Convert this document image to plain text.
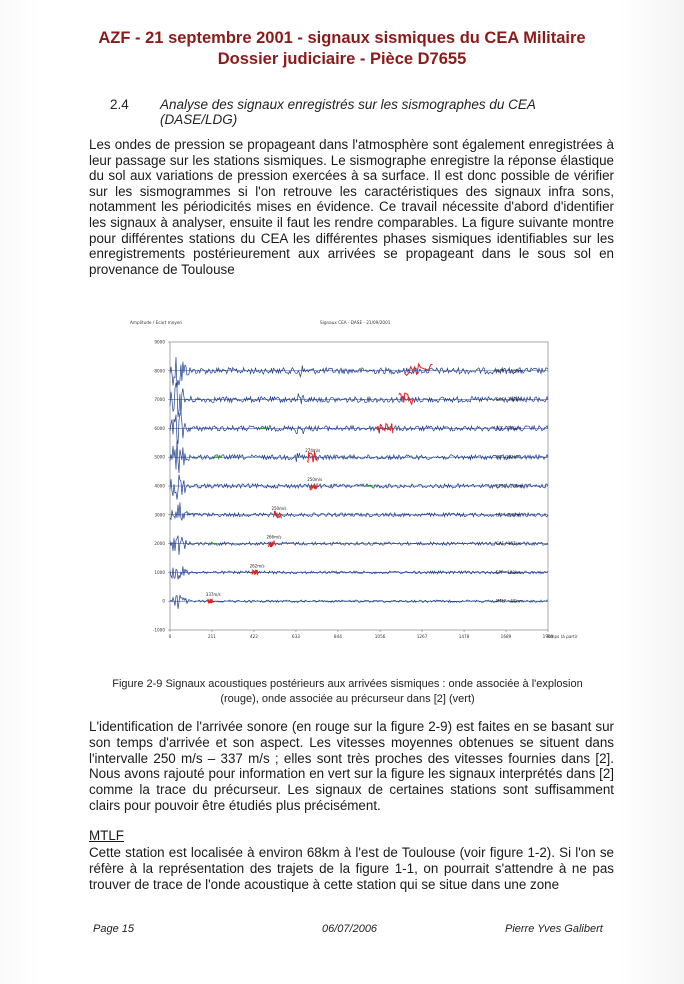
AZF - 21 septembre 2001 - signaux sismiques du CEA Militaire
Dossier judiciaire - Pièce D7655
2.4 Analyse des signaux enregistrés sur les sismographes du CEA
(DASE/LDG)
Les ondes de pression se propageant dans l'atmosphère sont également enregistrées à leur passage sur les stations sismiques. Le sismographe enregistre la réponse élastique du sol aux variations de pression exercées à sa surface. Il est donc possible de vérifier sur les sismogrammes si l'on retrouve les caractéristiques des signaux infra sons, notamment les périodicités mises en évidence. Ce travail nécessite d'abord d'identifier les signaux à analyser, ensuite il faut les rendre comparables. La figure suivante montre pour différentes stations du CEA les différentes phases sismiques identifiables sur les enregistrements postérieurement aux arrivées se propageant dans le sous sol en provenance de Toulouse
Amplitude / Ecart moyen	Signaux CEA - DASE - 21/09/2001
9000
8000
7000
6000
5000
4000
3000
2000
1000
0
-1000
0	211	422	633	844	1056	1267	1478	1689	1900
Temps (à partir
MFF - 358km
BGF - 348km
TCF - 306km
274m/s
SJF - 181km
250m/s
ETSF - 178km
250m/s
LFF - 128km
266m/s
CAF - 107km
262m/s
EPF - 108km
337m/s
MTLF - 68km
Figure 2-9 Signaux acoustiques postérieurs aux arrivées sismiques : onde associée à l'explosion (rouge), onde associée au précurseur dans [2] (vert)
L'identification de l'arrivée sonore (en rouge sur la figure 2-9) est faites en se basant sur son temps d'arrivée et son aspect. Les vitesses moyennes obtenues se situent dans l'intervalle 250 m/s – 337 m/s ; elles sont très proches des vitesses fournies dans [2]. Nous avons rajouté pour information en vert sur la figure les signaux interprétés dans [2] comme la trace du précurseur. Les signaux de certaines stations sont suffisamment clairs pour pouvoir être étudiés plus précisément.
MTLF
Cette station est localisée à environ 68km à l'est de Toulouse (voir figure 1-2). Si l'on se réfère à la représentation des trajets de la figure 1-1, on pourrait s'attendre à ne pas trouver de trace de l'onde acoustique à cette station qui se situe dans une zone
Page 15	06/07/2006	Pierre Yves Galibert
